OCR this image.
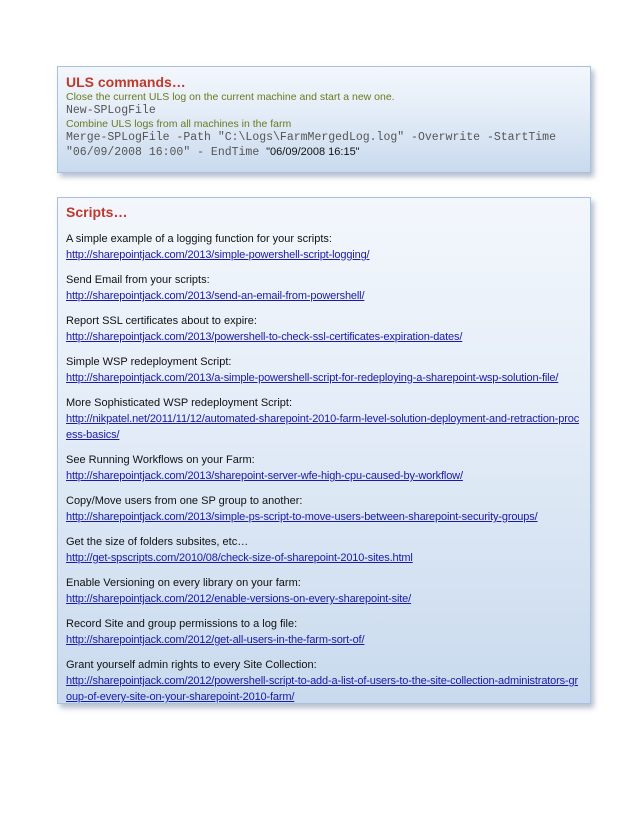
ULS commands…

Close the current ULS log on the current machine and start a new one.

New-SPLogFile

Combine ULS logs from all machines in the farm

Merge-SPLogFile -Path "C:\Logs\FarmMergedLog.log" -Overwrite -StartTime "06/09/2008 16:00" - EndTime "06/09/2008 16:15"

Scripts…

A simple example of a logging function for your scripts:

http://sharepointjack.com/2013/simple-powershell-script-logging/

Send Email from your scripts:

http://sharepointjack.com/2013/send-an-email-from-powershell/

Report SSL certificates about to expire:

http://sharepointjack.com/2013/powershell-to-check-ssl-certificates-expiration-dates/

Simple WSP redeployment Script:

http://sharepointjack.com/2013/a-simple-powershell-script-for-redeploying-a-sharepoint-wsp-solution-file/

More Sophisticated WSP redeployment Script:

http://nikpatel.net/2011/11/12/automated-sharepoint-2010-farm-level-solution-deployment-and-retraction-process-basics/

See Running Workflows on your Farm:

http://sharepointjack.com/2013/sharepoint-server-wfe-high-cpu-caused-by-workflow/

Copy/Move users from one SP group to another:

http://sharepointjack.com/2013/simple-ps-script-to-move-users-between-sharepoint-security-groups/

Get the size of folders subsites, etc…

http://get-spscripts.com/2010/08/check-size-of-sharepoint-2010-sites.html

Enable Versioning on every library on your farm:

http://sharepointjack.com/2012/enable-versions-on-every-sharepoint-site/

Record Site and group permissions to a log file:

http://sharepointjack.com/2012/get-all-users-in-the-farm-sort-of/

Grant yourself admin rights to every Site Collection:

http://sharepointjack.com/2012/powershell-script-to-add-a-list-of-users-to-the-site-collection-administrators-group-of-every-site-on-your-sharepoint-2010-farm/
